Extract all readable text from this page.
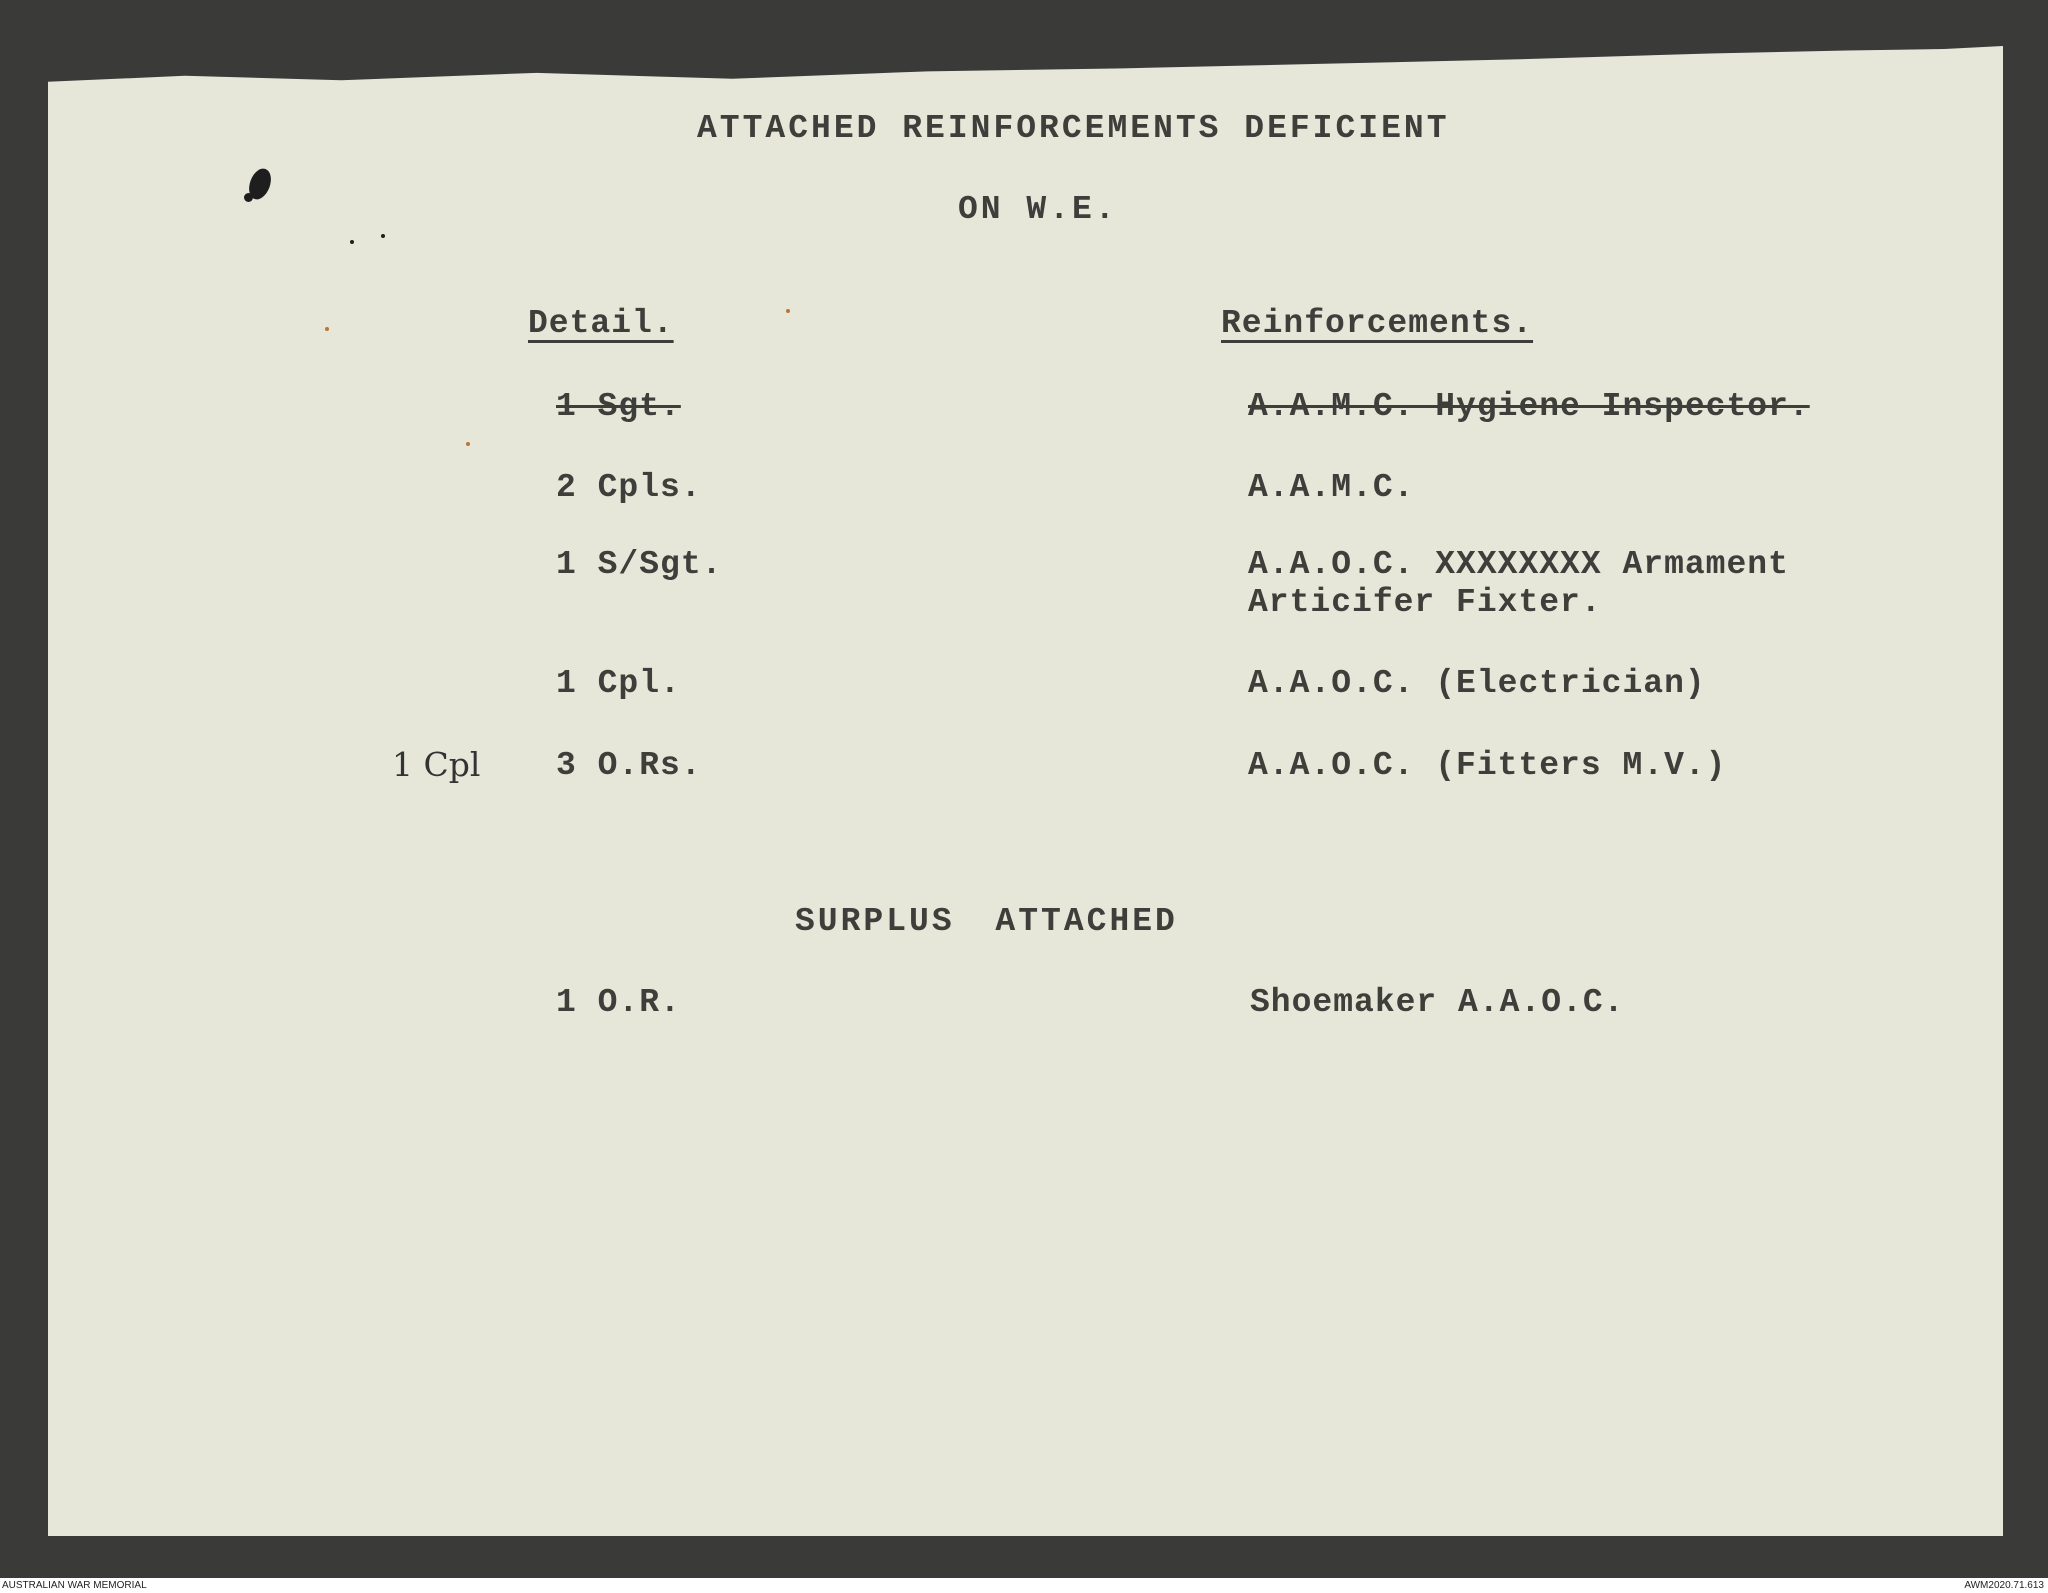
ATTACHED REINFORCEMENTS DEFICIENT
ON W.E.
Detail.	Reinforcements.
1 Sgt.	A.A.M.C. Hygiene Inspector.
2 Cpls.	A.A.M.C.
1 S/Sgt.	A.A.O.C. XXXXXXXX Armament
Articifer Fixter.
1 Cpl.	A.A.O.C. (Electrician)
1 Cpl 3 O.Rs.	A.A.O.C. (Fitters M.V.)
SURPLUS ATTACHED
1 O.R.	Shoemaker A.A.O.C.
AUSTRALIAN WAR MEMORIAL	AWM2020.71.613
